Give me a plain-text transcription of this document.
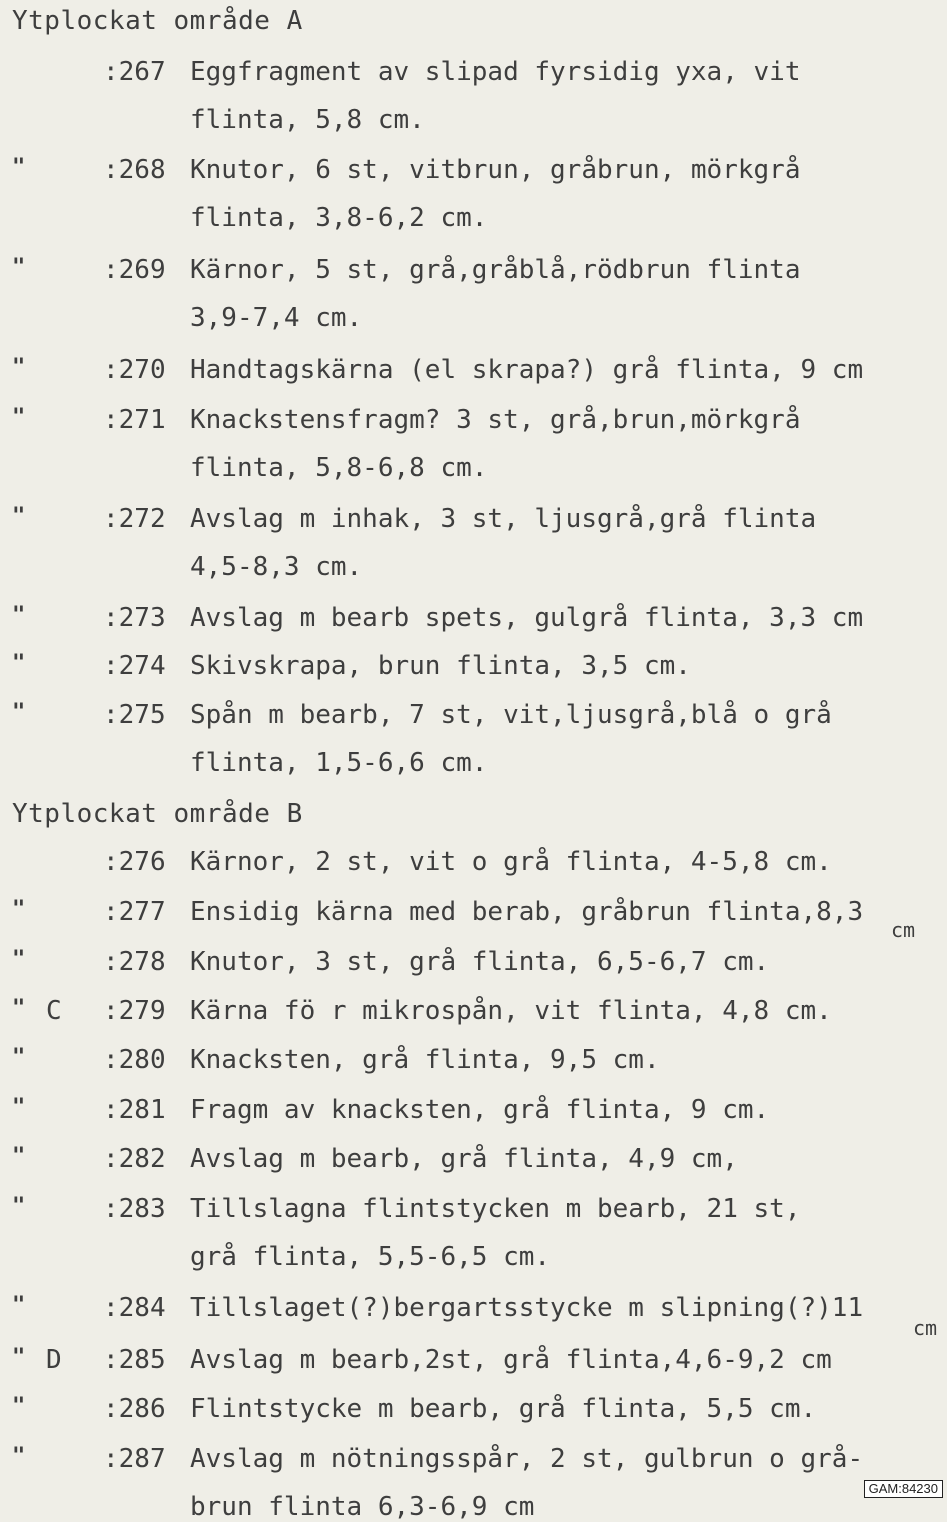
Ytplockat område A
:267 Eggfragment av slipad fyrsidig yxa, vit
flinta, 5,8 cm.
"	:268 Knutor, 6 st, vitbrun, gråbrun, mörkgrå
flinta, 3,8-6,2 cm.
"	:269 Kärnor, 5 st, grå,gråblå,rödbrun flinta
3,9-7,4 cm.
"	:270 Handtagskärna (el skrapa?) grå flinta, 9 cm
"	:271 Knackstensfragm? 3 st, grå,brun,mörkgrå
flinta, 5,8-6,8 cm.
"	:272 Avslag m inhak, 3 st, ljusgrå,grå flinta
4,5-8,3 cm.
"	:273 Avslag m bearb spets, gulgrå flinta, 3,3 cm
"	:274 Skivskrapa, brun flinta, 3,5 cm.
"	:275 Spån m bearb, 7 st, vit,ljusgrå,blå o grå
flinta, 1,5-6,6 cm.
Ytplockat område B
:276 Kärnor, 2 st, vit o grå flinta, 4-5,8 cm.
"	:277 Ensidig kärna med berab, gråbrun flinta,8,3
cm
"	:278 Knutor, 3 st, grå flinta, 6,5-6,7 cm.
" C :279 Kärna fö r mikrospån, vit flinta, 4,8 cm.
"	:280 Knacksten, grå flinta, 9,5 cm.
"	:281 Fragm av knacksten, grå flinta, 9 cm.
"	:282 Avslag m bearb, grå flinta, 4,9 cm,
"	:283 Tillslagna flintstycken m bearb, 21 st,
grå flinta, 5,5-6,5 cm.
"	:284 Tillslaget(?)bergartsstycke m slipning(?)11
cm
" D :285 Avslag m bearb,2st, grå flinta,4,6-9,2 cm
"	:286 Flintstycke m bearb, grå flinta, 5,5 cm.
"	:287 Avslag m nötningsspår, 2 st, gulbrun o grå-
brun flinta 6,3-6,9 cm
GAM:84230
